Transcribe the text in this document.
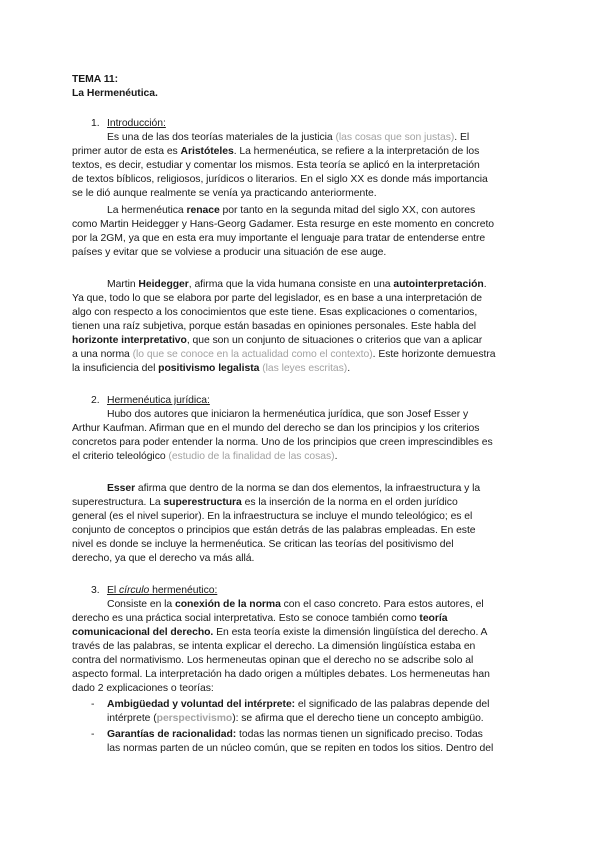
TEMA 11:
La Hermenéutica.
1. Introducción:
2. Hermenéutica jurídica:
3. El círculo hermenéutico:
Es una de las dos teorías materiales de la justicia (las cosas que son justas). El
primer autor de esta es Aristóteles. La hermenéutica, se refiere a la interpretación de los
textos, es decir, estudiar y comentar los mismos. Esta teoría se aplicó en la interpretación
de textos bíblicos, religiosos, jurídicos o literarios. En el siglo XX es donde más importancia
se le dió aunque realmente se venía ya practicando anteriormente.
La hermenéutica renace por tanto en la segunda mitad del siglo XX, con autores
como Martin Heidegger y Hans-Georg Gadamer. Esta resurge en este momento en concreto
por la 2GM, ya que en esta era muy importante el lenguaje para tratar de entenderse entre
países y evitar que se volviese a producir una situación de ese auge.
Martin Heidegger, afirma que la vida humana consiste en una autointerpretación.
Ya que, todo lo que se elabora por parte del legislador, es en base a una interpretación de
algo con respecto a los conocimientos que este tiene. Esas explicaciones o comentarios,
tienen una raíz subjetiva, porque están basadas en opiniones personales. Este habla del
horizonte interpretativo, que son un conjunto de situaciones o criterios que van a aplicar
a una norma (lo que se conoce en la actualidad como el contexto). Este horizonte demuestra
la insuficiencia del positivismo legalista (las leyes escritas).
Hubo dos autores que iniciaron la hermenéutica jurídica, que son Josef Esser y
Arthur Kaufman. Afirman que en el mundo del derecho se dan los principios y los criterios
concretos para poder entender la norma. Uno de los principios que creen imprescindibles es
el criterio teleológico (estudio de la finalidad de las cosas).
Esser afirma que dentro de la norma se dan dos elementos, la infraestructura y la
superestructura. La superestructura es la inserción de la norma en el orden jurídico
general (es el nivel superior). En la infraestructura se incluye el mundo teleológico; es el
conjunto de conceptos o principios que están detrás de las palabras empleadas. En este
nivel es donde se incluye la hermenéutica. Se critican las teorías del positivismo del
derecho, ya que el derecho va más allá.
Consiste en la conexión de la norma con el caso concreto. Para estos autores, el
derecho es una práctica social interpretativa. Esto se conoce también como teoría
comunicacional del derecho. En esta teoría existe la dimensión lingüística del derecho. A
través de las palabras, se intenta explicar el derecho. La dimensión lingüística estaba en
contra del normativismo. Los hermeneutas opinan que el derecho no se adscribe solo al
aspecto formal. La interpretación ha dado origen a múltiples debates. Los hermeneutas han
dado 2 explicaciones o teorías:
Ambigüedad y voluntad del intérprete: el significado de las palabras depende del
intérprete (perspectivismo): se afirma que el derecho tiene un concepto ambigüo.
Garantías de racionalidad: todas las normas tienen un significado preciso. Todas
las normas parten de un núcleo común, que se repiten en todos los sitios. Dentro del
-
-
